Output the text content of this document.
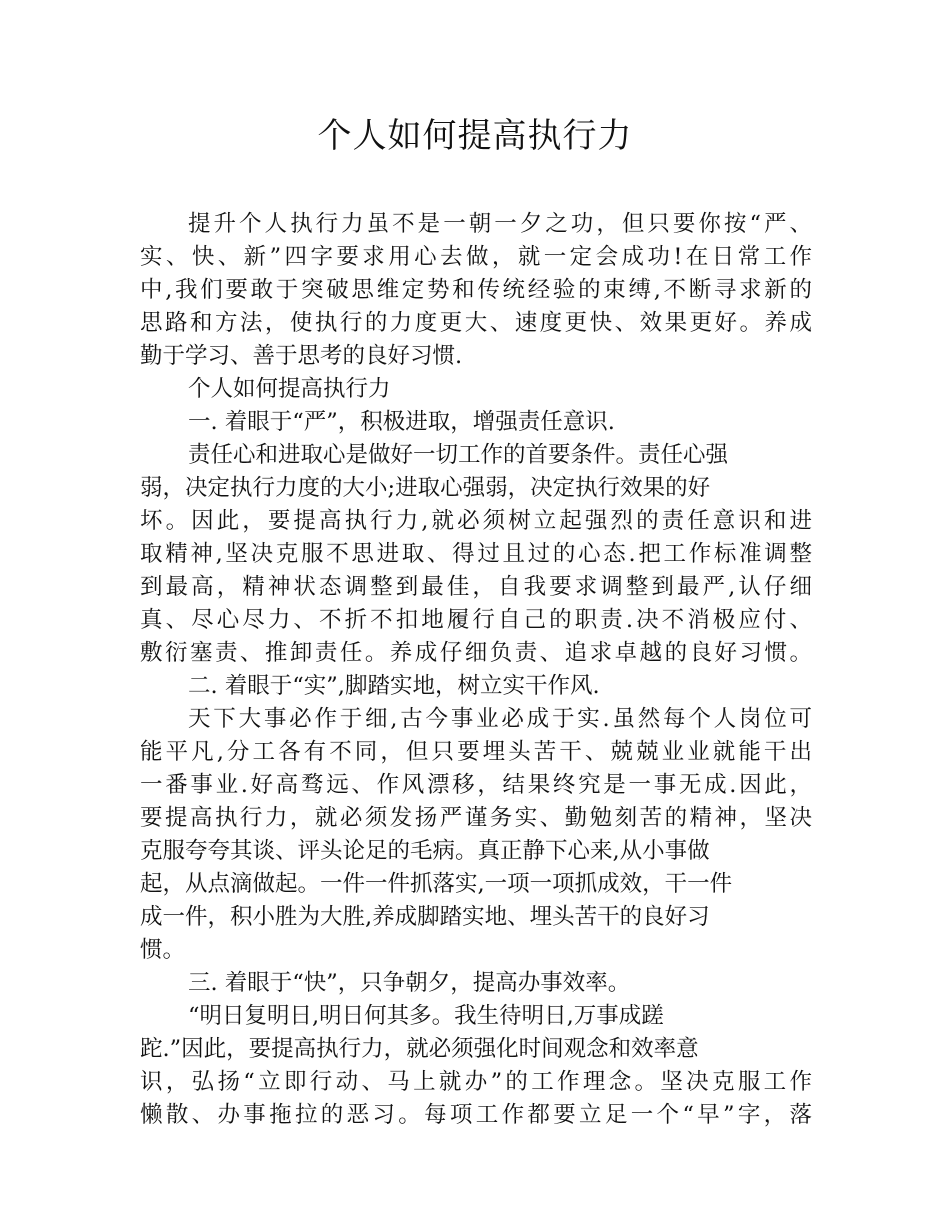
个人如何提高执行力
提升个人执行力虽不是一朝一夕之功，但只要你按“严、
实、快、新”四字要求用心去做，就一定会成功!在日常工作
中,我们要敢于突破思维定势和传统经验的束缚,不断寻求新的
思路和方法，使执行的力度更大、速度更快、效果更好。养成
勤于学习、善于思考的良好习惯.
个人如何提高执行力
一. 着眼于“严”，积极进取，增强责任意识.
责任心和进取心是做好一切工作的首要条件。责任心强
弱，决定执行力度的大小;进取心强弱，决定执行效果的好
坏。因此，要提高执行力,就必须树立起强烈的责任意识和进
取精神,坚决克服不思进取、得过且过的心态.把工作标准调整
到最高，精神状态调整到最佳，自我要求调整到最严,认仔细
真、尽心尽力、不折不扣地履行自己的职责.决不消极应付、
敷衍塞责、推卸责任。养成仔细负责、追求卓越的良好习惯。
二. 着眼于“实”,脚踏实地，树立实干作风.
天下大事必作于细,古今事业必成于实.虽然每个人岗位可
能平凡,分工各有不同，但只要埋头苦干、兢兢业业就能干出
一番事业.好高骛远、作风漂移，结果终究是一事无成.因此，
要提高执行力，就必须发扬严谨务实、勤勉刻苦的精神，坚决
克服夸夸其谈、评头论足的毛病。真正静下心来,从小事做
起，从点滴做起。一件一件抓落实,一项一项抓成效，干一件
成一件，积小胜为大胜,养成脚踏实地、埋头苦干的良好习
惯。
三. 着眼于“快”，只争朝夕，提高办事效率。
“明日复明日,明日何其多。我生待明日,万事成蹉
跎.”因此，要提高执行力，就必须强化时间观念和效率意
识，弘扬“立即行动、马上就办”的工作理念。坚决克服工作
懒散、办事拖拉的恶习。每项工作都要立足一个“早”字，落
